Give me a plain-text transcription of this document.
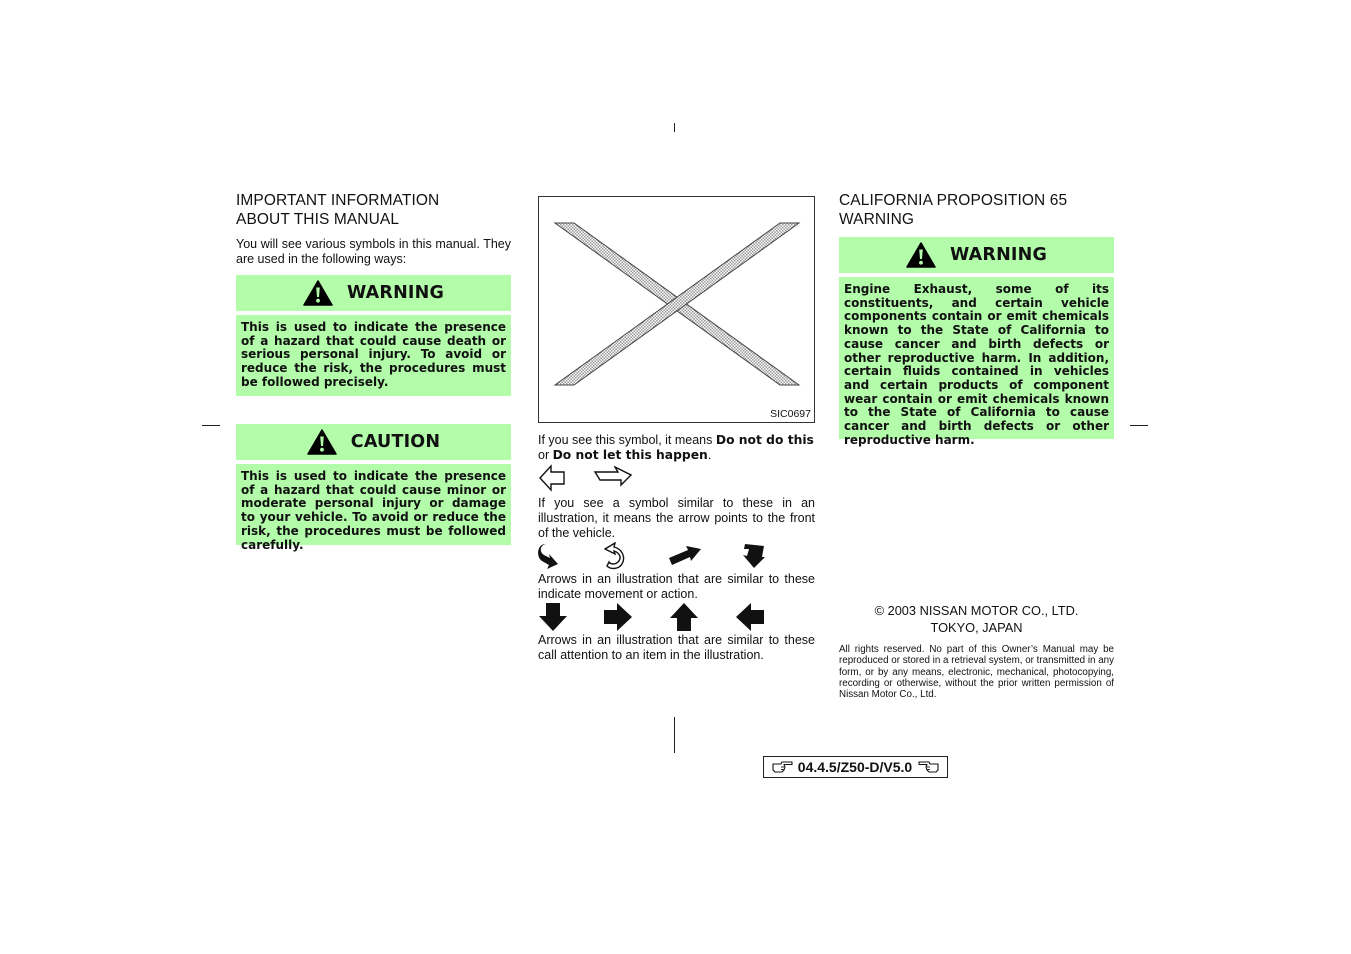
IMPORTANT INFORMATION
ABOUT THIS MANUAL
You will see various symbols in this manual. They are used in the following ways:
WARNING
This is used to indicate the presence of a hazard that could cause death or serious personal injury. To avoid or reduce the risk, the procedures must be followed precisely.
CAUTION
This is used to indicate the presence of a hazard that could cause minor or moderate personal injury or damage to your vehicle. To avoid or reduce the risk, the procedures must be followed carefully.
SIC0697
If you see this symbol, it means Do not do this or Do not let this happen.
If you see a symbol similar to these in an illustration, it means the arrow points to the front of the vehicle.
Arrows in an illustration that are similar to these indicate movement or action.
Arrows in an illustration that are similar to these call attention to an item in the illustration.
CALIFORNIA PROPOSITION 65
WARNING
WARNING
Engine Exhaust, some of its constituents, and certain vehicle components contain or emit chemicals known to the State of California to cause cancer and birth defects or other reproductive harm. In addition, certain fluids contained in vehicles and certain products of component wear contain or emit chemicals known to the State of California to cause cancer and birth defects or other reproductive harm.
© 2003 NISSAN MOTOR CO., LTD.
TOKYO, JAPAN
All rights reserved. No part of this Owner’s Manual may be reproduced or stored in a retrieval system, or transmitted in any form, or by any means, electronic, mechanical, photocopying, recording or otherwise, without the prior written permission of Nissan Motor Co., Ltd.
04.4.5/Z50-D/V5.0
